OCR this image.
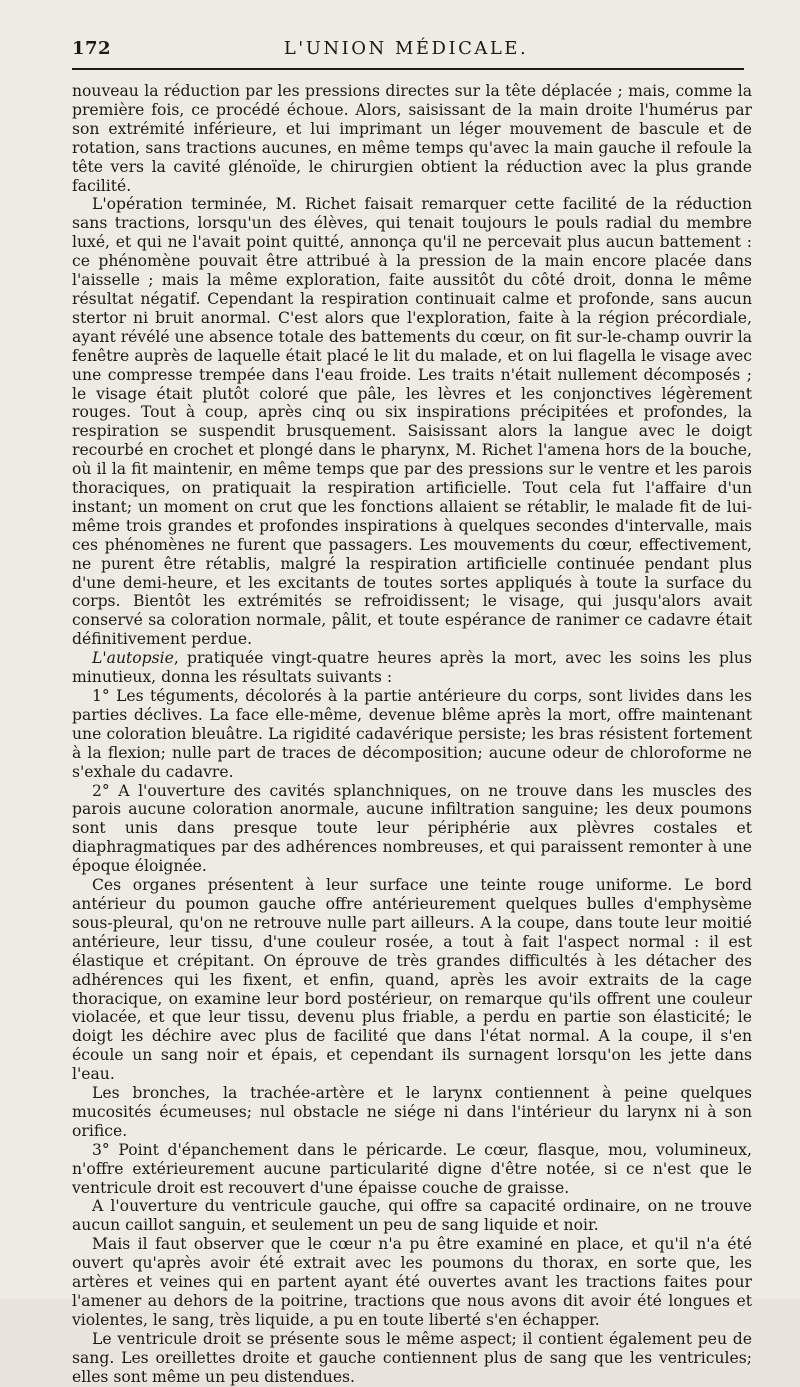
172	L'UNION MÉDICALE.

nouveau la réduction par les pressions directes sur la tête déplacée ; mais, comme la première fois, ce procédé échoue. Alors, saisissant de la main droite l'humérus par son extrémité inférieure, et lui imprimant un léger mouvement de bascule et de rotation, sans tractions aucunes, en même temps qu'avec la main gauche il refoule la tête vers la cavité glénoïde, le chirurgien obtient la réduction avec la plus grande facilité.

L'opération terminée, M. Richet faisait remarquer cette facilité de la réduction sans tractions, lorsqu'un des élèves, qui tenait toujours le pouls radial du membre luxé, et qui ne l'avait point quitté, annonça qu'il ne percevait plus aucun battement : ce phénomène pouvait être attribué à la pression de la main encore placée dans l'aisselle ; mais la même exploration, faite aussitôt du côté droit, donna le même résultat négatif. Cependant la respiration continuait calme et profonde, sans aucun stertor ni bruit anormal. C'est alors que l'exploration, faite à la région précordiale, ayant révélé une absence totale des battements du cœur, on fit sur-le-champ ouvrir la fenêtre auprès de laquelle était placé le lit du malade, et on lui flagella le visage avec une compresse trempée dans l'eau froide. Les traits n'était nullement décomposés ; le visage était plutôt coloré que pâle, les lèvres et les conjonctives légèrement rouges. Tout à coup, après cinq ou six inspirations précipitées et profondes, la respiration se suspendit brusquement. Saisissant alors la langue avec le doigt recourbé en crochet et plongé dans le pharynx, M. Richet l'amena hors de la bouche, où il la fit maintenir, en même temps que par des pressions sur le ventre et les parois thoraciques, on pratiquait la respiration artificielle. Tout cela fut l'affaire d'un instant; un moment on crut que les fonctions allaient se rétablir, le malade fit de lui-même trois grandes et profondes inspirations à quelques secondes d'intervalle, mais ces phénomènes ne furent que passagers. Les mouvements du cœur, effectivement, ne purent être rétablis, malgré la respiration artificielle continuée pendant plus d'une demi-heure, et les excitants de toutes sortes appliqués à toute la surface du corps. Bientôt les extrémités se refroidissent; le visage, qui jusqu'alors avait conservé sa coloration normale, pâlit, et toute espérance de ranimer ce cadavre était définitivement perdue.

L'autopsie, pratiquée vingt-quatre heures après la mort, avec les soins les plus minutieux, donna les résultats suivants :

1° Les téguments, décolorés à la partie antérieure du corps, sont livides dans les parties déclives. La face elle-même, devenue blême après la mort, offre maintenant une coloration bleuâtre. La rigidité cadavérique persiste; les bras résistent fortement à la flexion; nulle part de traces de décomposition; aucune odeur de chloroforme ne s'exhale du cadavre.

2° A l'ouverture des cavités splanchniques, on ne trouve dans les muscles des parois aucune coloration anormale, aucune infiltration sanguine; les deux poumons sont unis dans presque toute leur périphérie aux plèvres costales et diaphragmatiques par des adhérences nombreuses, et qui paraissent remonter à une époque éloignée.

Ces organes présentent à leur surface une teinte rouge uniforme. Le bord antérieur du poumon gauche offre antérieurement quelques bulles d'emphysème sous-pleural, qu'on ne retrouve nulle part ailleurs. A la coupe, dans toute leur moitié antérieure, leur tissu, d'une couleur rosée, a tout à fait l'aspect normal : il est élastique et crépitant. On éprouve de très grandes difficultés à les détacher des adhérences qui les fixent, et enfin, quand, après les avoir extraits de la cage thoracique, on examine leur bord postérieur, on remarque qu'ils offrent une couleur violacée, et que leur tissu, devenu plus friable, a perdu en partie son élasticité; le doigt les déchire avec plus de facilité que dans l'état normal. A la coupe, il s'en écoule un sang noir et épais, et cependant ils surnagent lorsqu'on les jette dans l'eau.

Les bronches, la trachée-artère et le larynx contiennent à peine quelques mucosités écumeuses; nul obstacle ne siége ni dans l'intérieur du larynx ni à son orifice.

3° Point d'épanchement dans le péricarde. Le cœur, flasque, mou, volumineux, n'offre extérieurement aucune particularité digne d'être notée, si ce n'est que le ventricule droit est recouvert d'une épaisse couche de graisse.

A l'ouverture du ventricule gauche, qui offre sa capacité ordinaire, on ne trouve aucun caillot sanguin, et seulement un peu de sang liquide et noir.

Mais il faut observer que le cœur n'a pu être examiné en place, et qu'il n'a été ouvert qu'après avoir été extrait avec les poumons du thorax, en sorte que, les artères et veines qui en partent ayant été ouvertes avant les tractions faites pour l'amener au dehors de la poitrine, tractions que nous avons dit avoir été longues et violentes, le sang, très liquide, a pu en toute liberté s'en échapper.

Le ventricule droit se présente sous le même aspect; il contient également peu de sang. Les oreillettes droite et gauche contiennent plus de sang que les ventricules; elles sont même un peu distendues.
